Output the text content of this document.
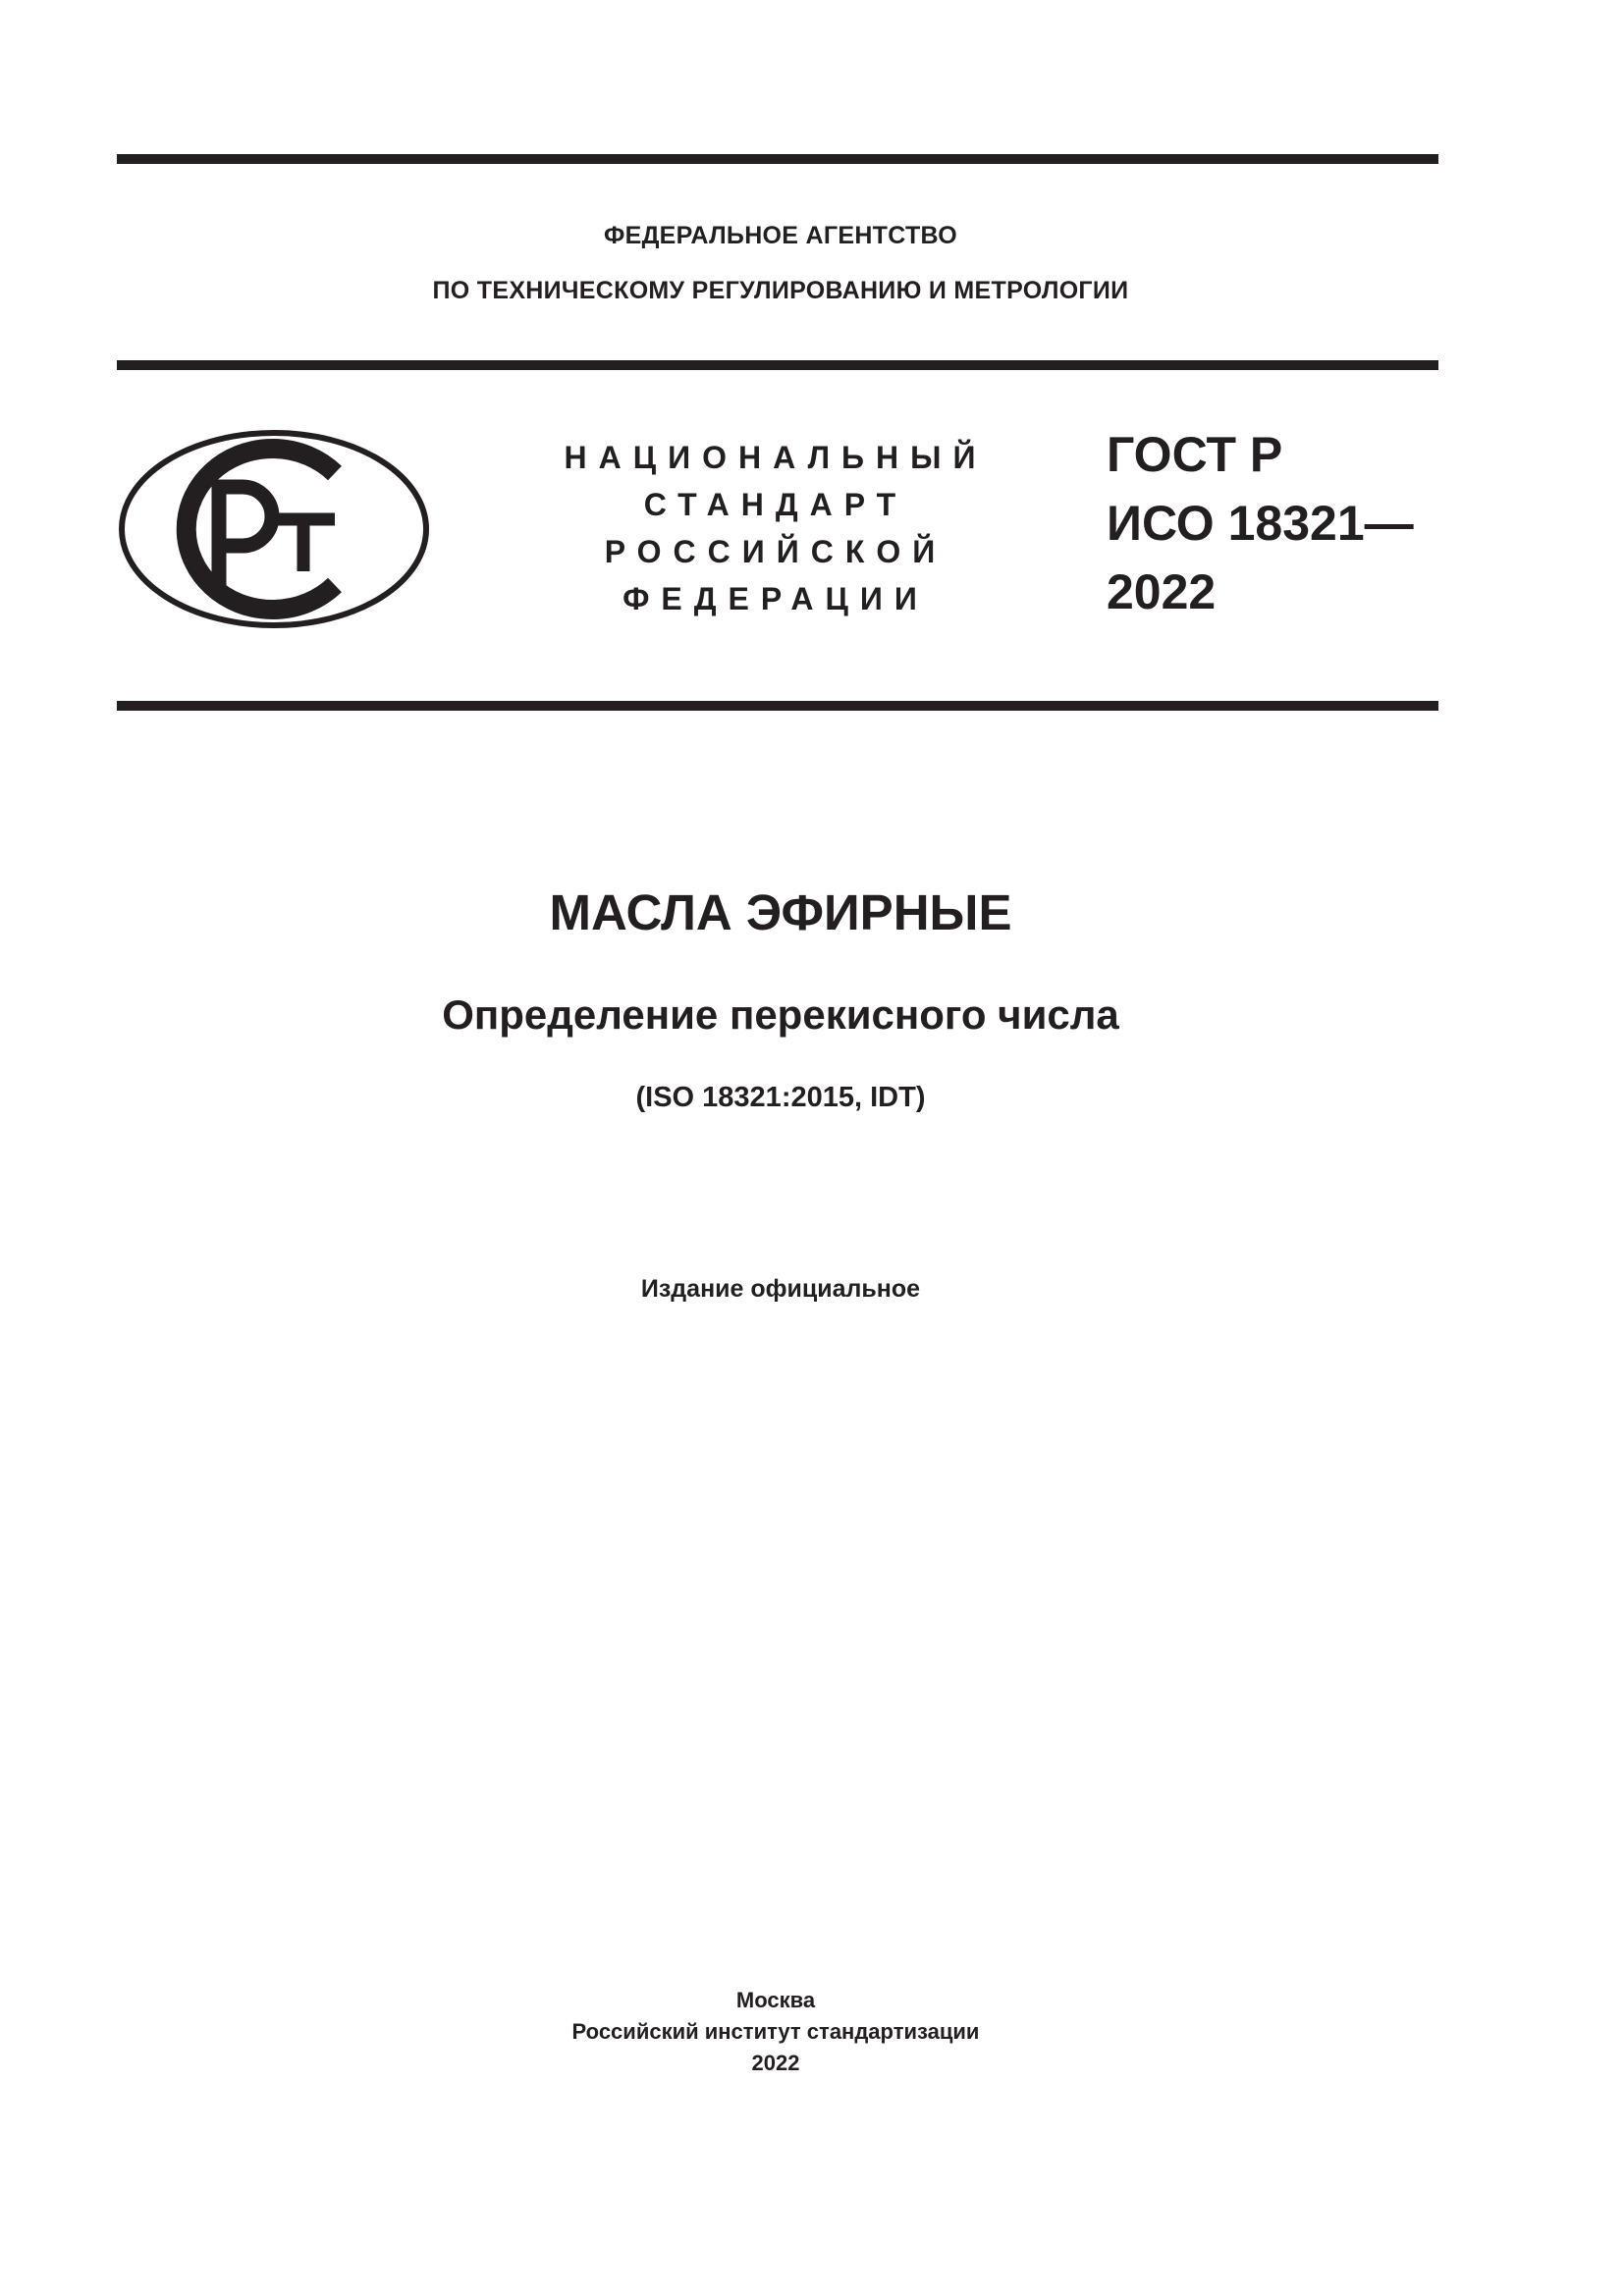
ФЕДЕРАЛЬНОЕ АГЕНТСТВО
ПО ТЕХНИЧЕСКОМУ РЕГУЛИРОВАНИЮ И МЕТРОЛОГИИ
НАЦИОНАЛЬНЫЙ
СТАНДАРТ
РОССИЙСКОЙ
ФЕДЕРАЦИИ
ГОСТ Р
ИСО 18321—
2022
МАСЛА ЭФИРНЫЕ
Определение перекисного числа
(ISO 18321:2015, IDT)
Издание официальное
Москва
Российский институт стандартизации
2022
